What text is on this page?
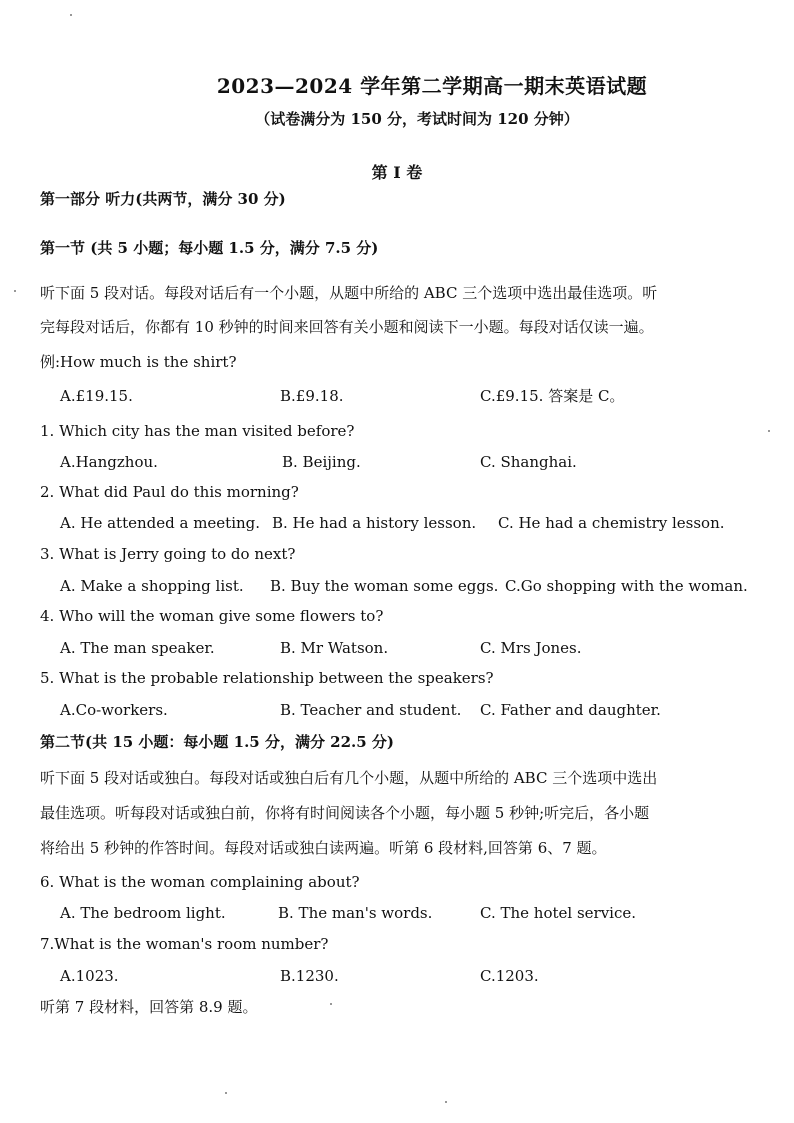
2023—2024 学年第二学期高一期末英语试题
（试卷满分为 150 分，考试时间为 120 分钟）
第 I 卷
第一部分 听力(共两节，满分 30 分)
第一节 (共 5 小题；每小题 1.5 分，满分 7.5 分)
听下面 5 段对话。每段对话后有一个小题，从题中所给的 ABC 三个选项中选出最佳选项。听
完每段对话后，你都有 10 秒钟的时间来回答有关小题和阅读下一小题。每段对话仅读一遍。
例:How much is the shirt?
A.£19.15.	B.£9.18.	C.£9.15. 答案是 C。
1. Which city has the man visited before?
A.Hangzhou.	B. Beijing.	C. Shanghai.
2. What did Paul do this morning?
A. He attended a meeting. B. He had a history lesson. C. He had a chemistry lesson.
3. What is Jerry going to do next?
A. Make a shopping list. B. Buy the woman some eggs. C.Go shopping with the woman.
4. Who will the woman give some flowers to?
A. The man speaker.	B. Mr Watson.	C. Mrs Jones.
5. What is the probable relationship between the speakers?
A.Co-workers.	B. Teacher and student. C. Father and daughter.
第二节(共 15 小题：每小题 1.5 分，满分 22.5 分)
听下面 5 段对话或独白。每段对话或独白后有几个小题，从题中所给的 ABC 三个选项中选出
最佳选项。听每段对话或独白前，你将有时间阅读各个小题，每小题 5 秒钟;听完后，各小题
将给出 5 秒钟的作答时间。每段对话或独白读两遍。听第 6 段材料,回答第 6、7 题。
6. What is the woman complaining about?
A. The bedroom light.	B. The man's words.	C. The hotel service.
7.What is the woman's room number?
A.1023.	B.1230.	C.1203.
听第 7 段材料，回答第 8.9 题。
